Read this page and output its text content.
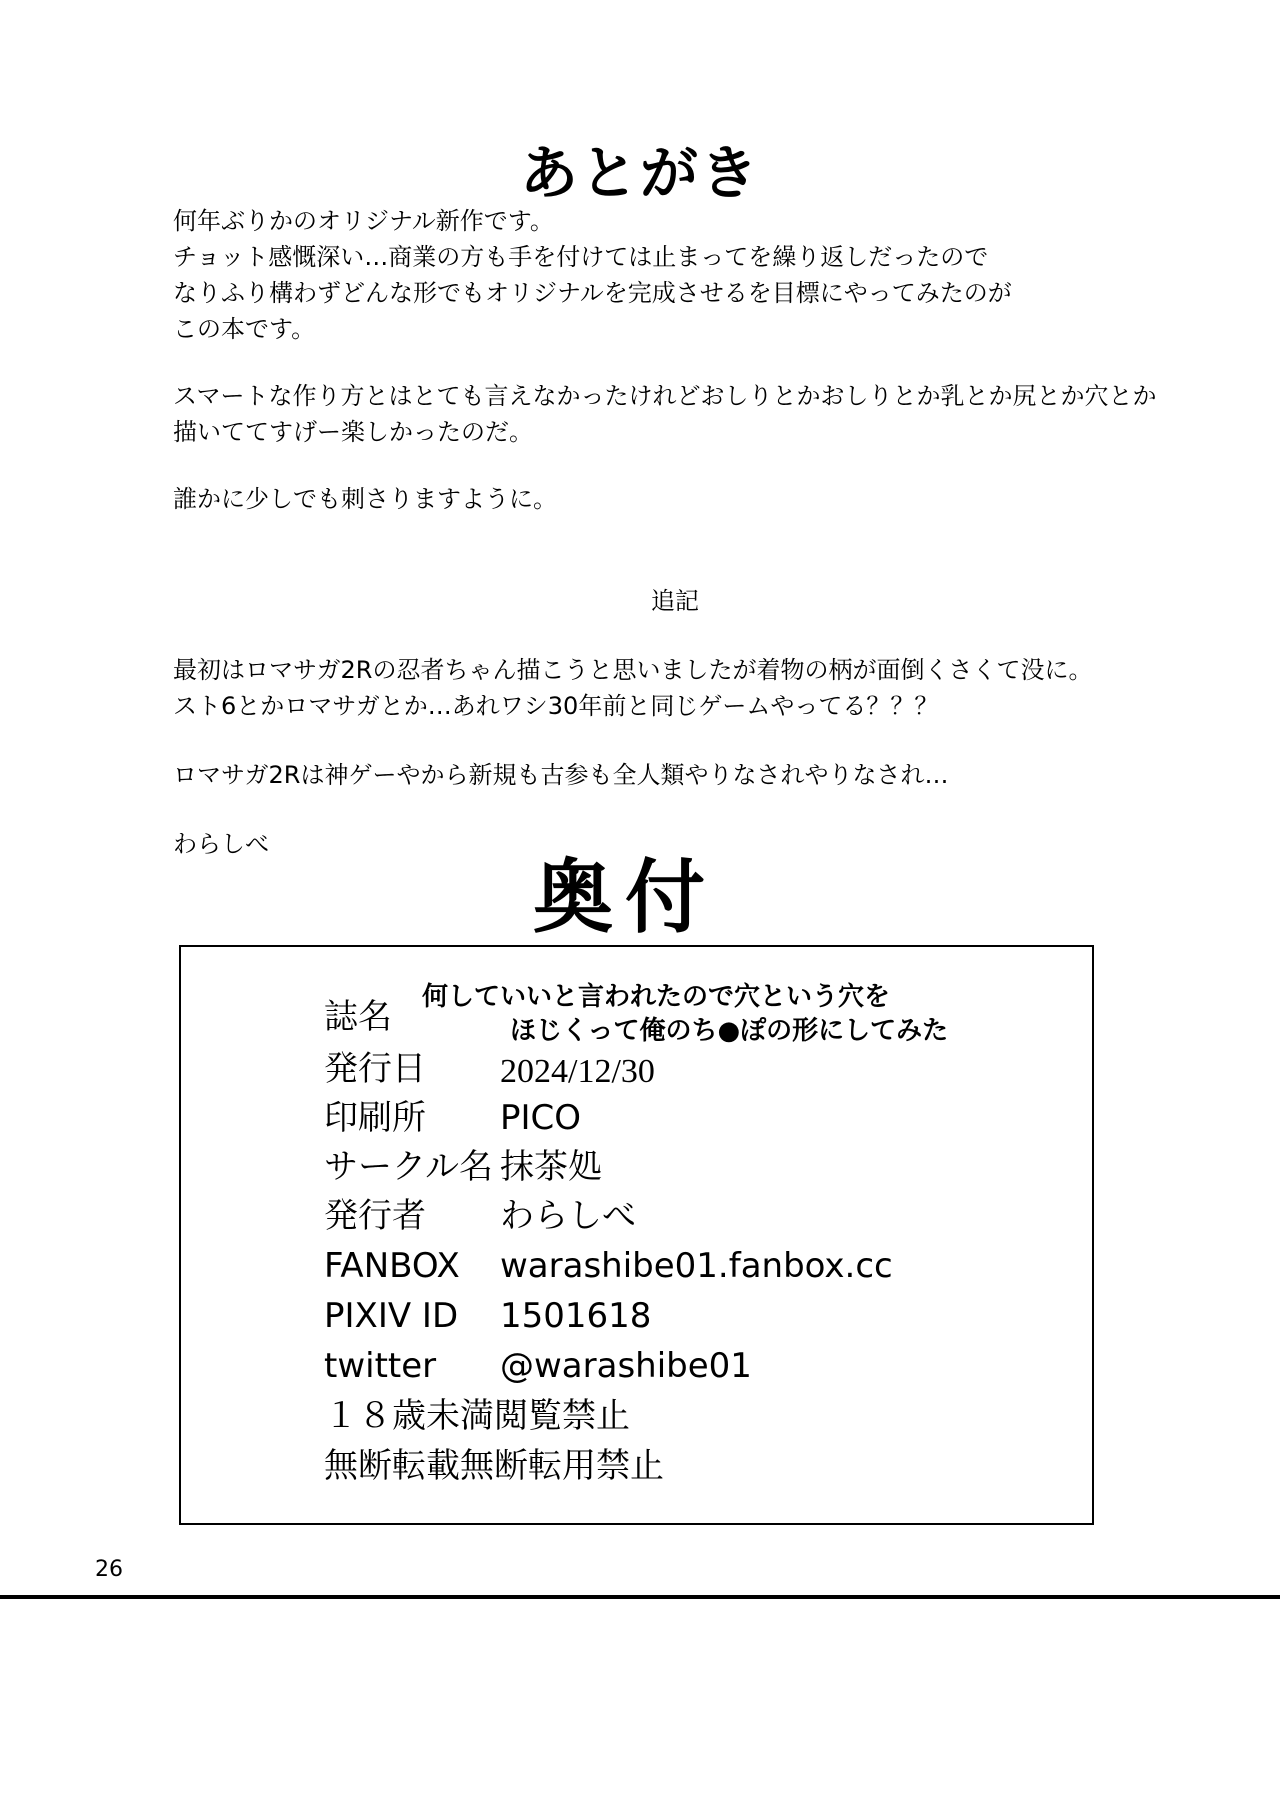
あとがき
何年ぶりかのオリジナル新作です。
チョット感慨深い…商業の方も手を付けては止まってを繰り返しだったので
なりふり構わずどんな形でもオリジナルを完成させるを目標にやってみたのが
この本です。
スマートな作り方とはとても言えなかったけれどおしりとかおしりとか乳とか尻とか穴とか
描いててすげー楽しかったのだ。
誰かに少しでも刺さりますように。
追記
最初はロマサガ2Rの忍者ちゃん描こうと思いましたが着物の柄が面倒くさくて没に。
スト6とかロマサガとか…あれワシ30年前と同じゲームやってる？？？
ロマサガ2Rは神ゲーやから新規も古参も全人類やりなされやりなされ…
わらしべ
奥付
誌名 何していいと言われたので穴という穴を
ほじくって俺のち●ぽの形にしてみた
発行日 2024/12/30
印刷所 PICO
サークル名 抹茶処
発行者 わらしべ
FANBOX warashibe01.fanbox.cc
PIXIV ID 1501618
twitter @warashibe01
１８歳未満閲覧禁止
無断転載無断転用禁止
26
